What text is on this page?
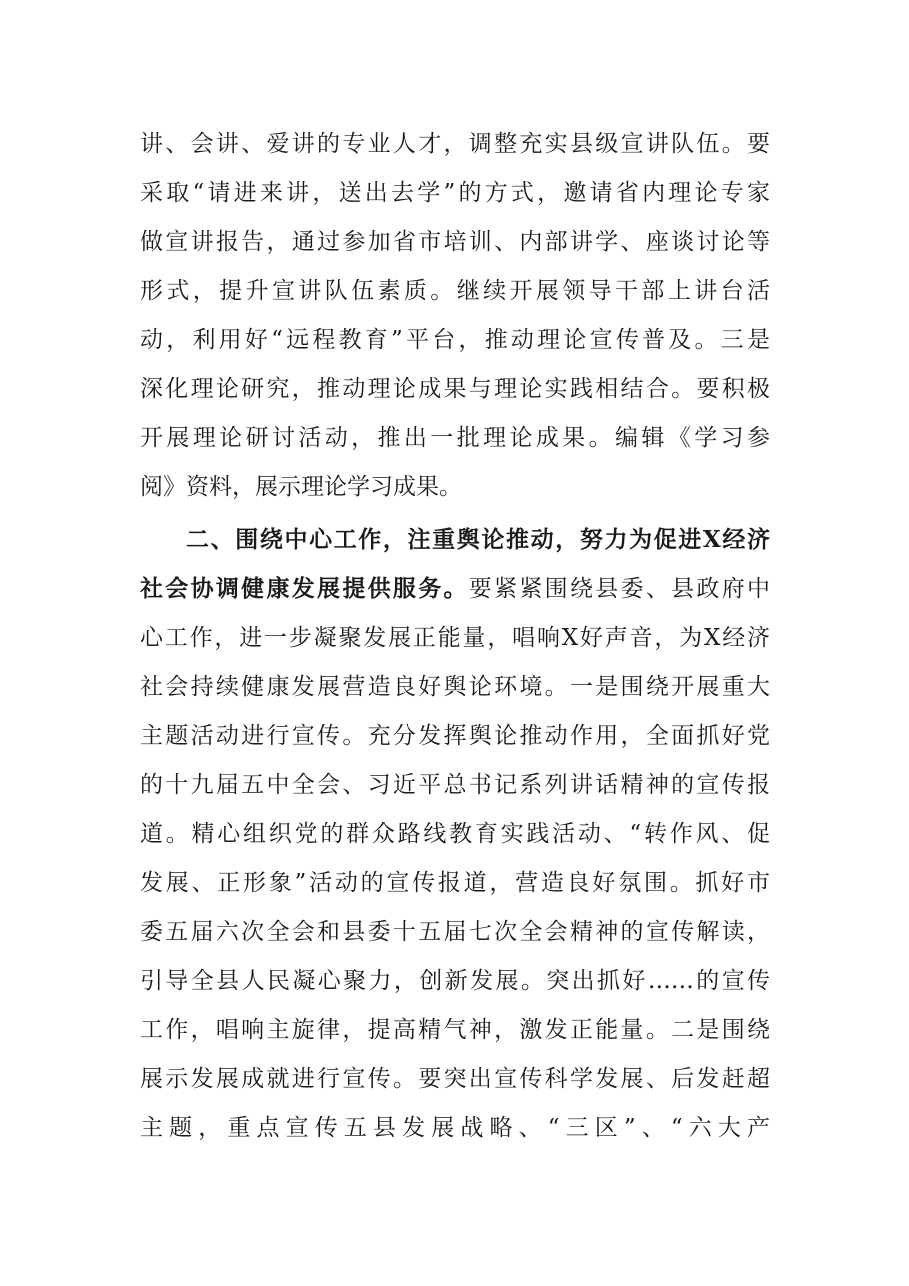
讲、会讲、爱讲的专业人才，调整充实县级宣讲队伍。要
采取“请进来讲，送出去学”的方式，邀请省内理论专家
做宣讲报告，通过参加省市培训、内部讲学、座谈讨论等
形式，提升宣讲队伍素质。继续开展领导干部上讲台活
动，利用好“远程教育”平台，推动理论宣传普及。三是
深化理论研究，推动理论成果与理论实践相结合。要积极
开展理论研讨活动，推出一批理论成果。编辑《学习参
阅》资料，展示理论学习成果。
二、围绕中心工作，注重舆论推动，努力为促进X经济
社会协调健康发展提供服务。要紧紧围绕县委、县政府中
心工作，进一步凝聚发展正能量，唱响X好声音，为X经济
社会持续健康发展营造良好舆论环境。一是围绕开展重大
主题活动进行宣传。充分发挥舆论推动作用，全面抓好党
的十九届五中全会、习近平总书记系列讲话精神的宣传报
道。精心组织党的群众路线教育实践活动、“转作风、促
发展、正形象”活动的宣传报道，营造良好氛围。抓好市
委五届六次全会和县委十五届七次全会精神的宣传解读，
引导全县人民凝心聚力，创新发展。突出抓好……的宣传
工作，唱响主旋律，提高精气神，激发正能量。二是围绕
展示发展成就进行宣传。要突出宣传科学发展、后发赶超
主题，重点宣传五县发展战略、“三区”、“六大产
